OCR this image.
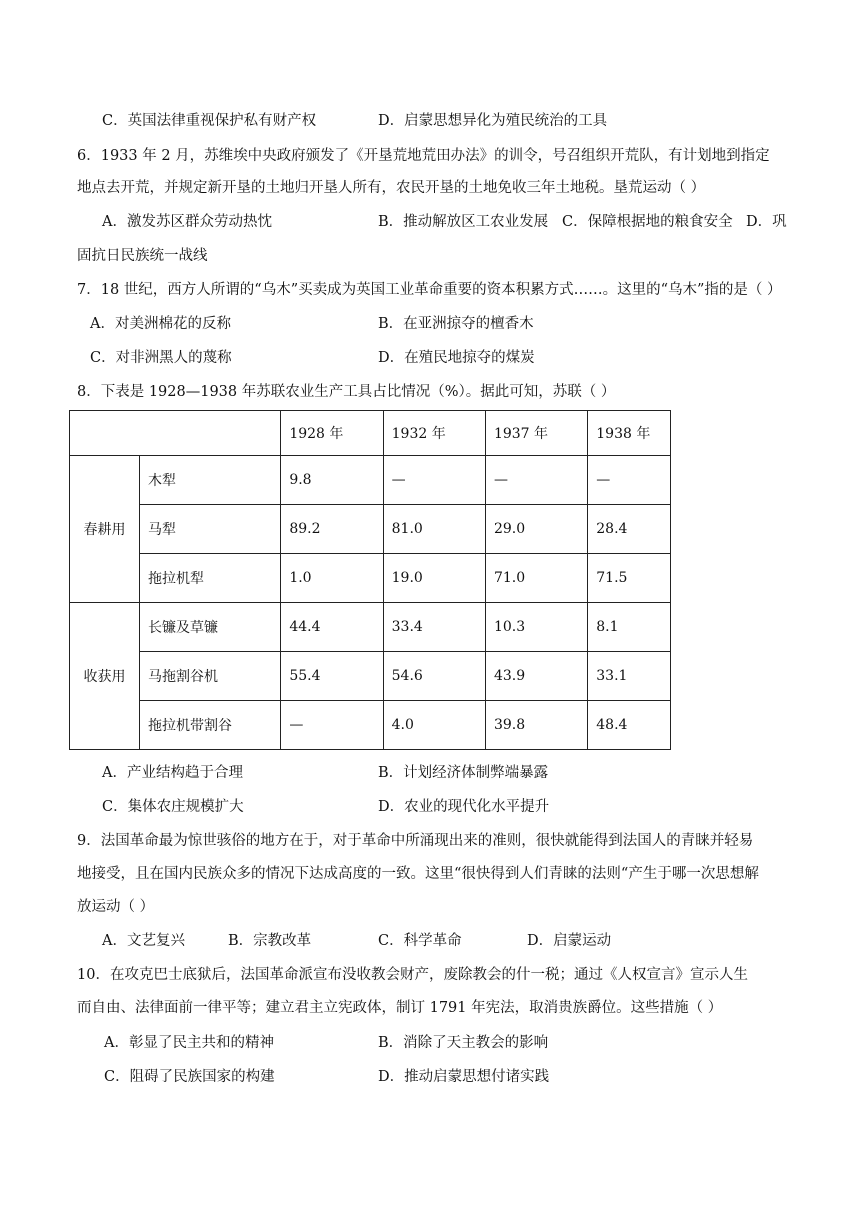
C．英国法律重视保护私有财产权	D．启蒙思想异化为殖民统治的工具
6．1933 年 2 月，苏维埃中央政府颁发了《开垦荒地荒田办法》的训令，号召组织开荒队，有计划地到指定
地点去开荒，并规定新开垦的土地归开垦人所有，农民开垦的土地免收三年土地税。垦荒运动（ ）
A．激发苏区群众劳动热忱	B．推动解放区工农业发展 C．保障根据地的粮食安全 D．巩
固抗日民族统一战线
7．18 世纪，西方人所谓的“乌木”买卖成为英国工业革命重要的资本积累方式……。这里的“乌木”指的是（ ）
A．对美洲棉花的反称	B．在亚洲掠夺的檀香木
C．对非洲黑人的蔑称	D．在殖民地掠夺的煤炭
8．下表是 1928—1938 年苏联农业生产工具占比情况（%）。据此可知，苏联（ ）
		1928 年	1932 年	1937 年	1938 年
春耕用	木犁	9.8	—	—	—
	马犁	89.2	81.0	29.0	28.4
	拖拉机犁	1.0	19.0	71.0	71.5
收获用	长镰及草镰	44.4	33.4	10.3	8.1
	马拖割谷机	55.4	54.6	43.9	33.1
	拖拉机带割谷	—	4.0	39.8	48.4
A．产业结构趋于合理	B．计划经济体制弊端暴露
C．集体农庄规模扩大	D．农业的现代化水平提升
9．法国革命最为惊世骇俗的地方在于，对于革命中所涌现出来的准则，很快就能得到法国人的青睐并轻易
地接受，且在国内民族众多的情况下达成高度的一致。这里“很快得到人们青睐的法则“产生于哪一次思想解
放运动（ ）
A．文艺复兴	B．宗教改革	C．科学革命	D．启蒙运动
10．在攻克巴士底狱后，法国革命派宣布没收教会财产，废除教会的什一税；通过《人权宣言》宣示人生
而自由、法律面前一律平等；建立君主立宪政体，制订 1791 年宪法，取消贵族爵位。这些措施（ ）
A．彰显了民主共和的精神	B．消除了天主教会的影响
C．阻碍了民族国家的构建	D．推动启蒙思想付诸实践
